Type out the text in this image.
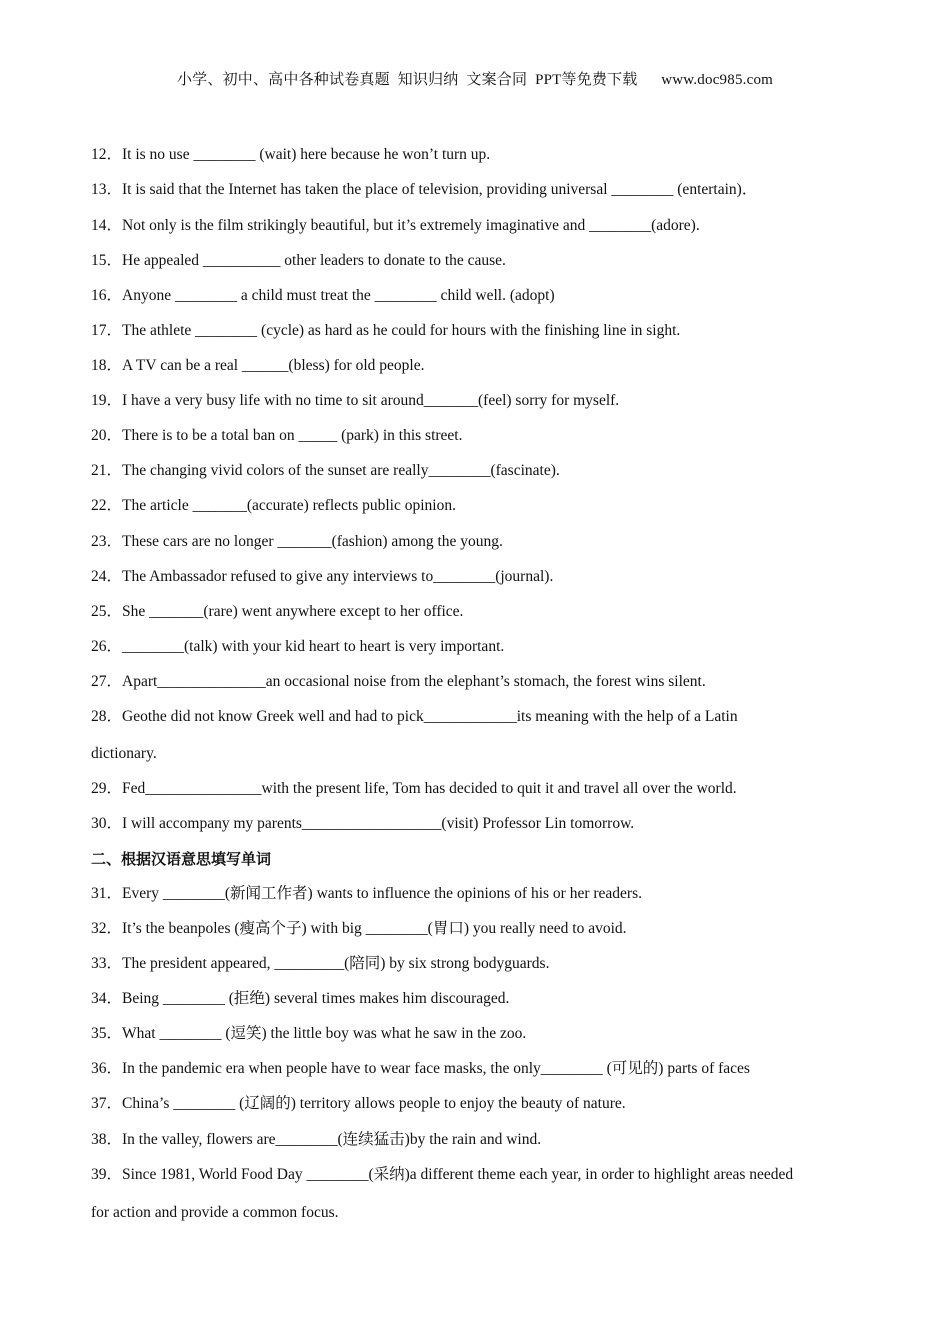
小学、初中、高中各种试卷真题  知识归纳  文案合同  PPT等免费下载      www.doc985.com
12．It is no use ________ (wait) here because he won’t turn up.
13．It is said that the Internet has taken the place of television, providing universal ________ (entertain)．
14．Not only is the film strikingly beautiful, but it’s extremely imaginative and ________(adore).
15．He appealed __________ other leaders to donate to the cause.
16．Anyone ________ a child must treat the ________ child well. (adopt)
17．The athlete ________ (cycle) as hard as he could for hours with the finishing line in sight.
18．A TV can be a real ______(bless) for old people.
19．I have a very busy life with no time to sit around_______(feel) sorry for myself.
20．There is to be a total ban on _____ (park) in this street.
21．The changing vivid colors of the sunset are really________(fascinate).
22．The article _______(accurate) reflects public opinion.
23．These cars are no longer _______(fashion) among the young.
24．The Ambassador refused to give any interviews to________(journal).
25．She _______(rare) went anywhere except to her office.
26．________(talk) with your kid heart to heart is very important.
27．Apart______________an occasional noise from the elephant’s stomach, the forest wins silent.
28．Geothe did not know Greek well and had to pick____________its meaning with the help of a Latin
dictionary.
29．Fed_______________with the present life, Tom has decided to quit it and travel all over the world.
30．I will accompany my parents__________________(visit) Professor Lin tomorrow.
二、根据汉语意思填写单词
31．Every ________(新闻工作者) wants to influence the opinions of his or her readers.
32．It’s the beanpoles (瘦高个子) with big ________(胃口) you really need to avoid.
33．The president appeared, _________(陪同) by six strong bodyguards.
34．Being ________ (拒绝) several times makes him discouraged.
35．What ________ (逗笑) the little boy was what he saw in the zoo.
36．In the pandemic era when people have to wear face masks, the only________ (可见的) parts of faces
37．China’s ________ (辽阔的) territory allows people to enjoy the beauty of nature.
38．In the valley, flowers are________(连续猛击)by the rain and wind.
39．Since 1981, World Food Day ________(采纳)a different theme each year, in order to highlight areas needed
for action and provide a common focus.
